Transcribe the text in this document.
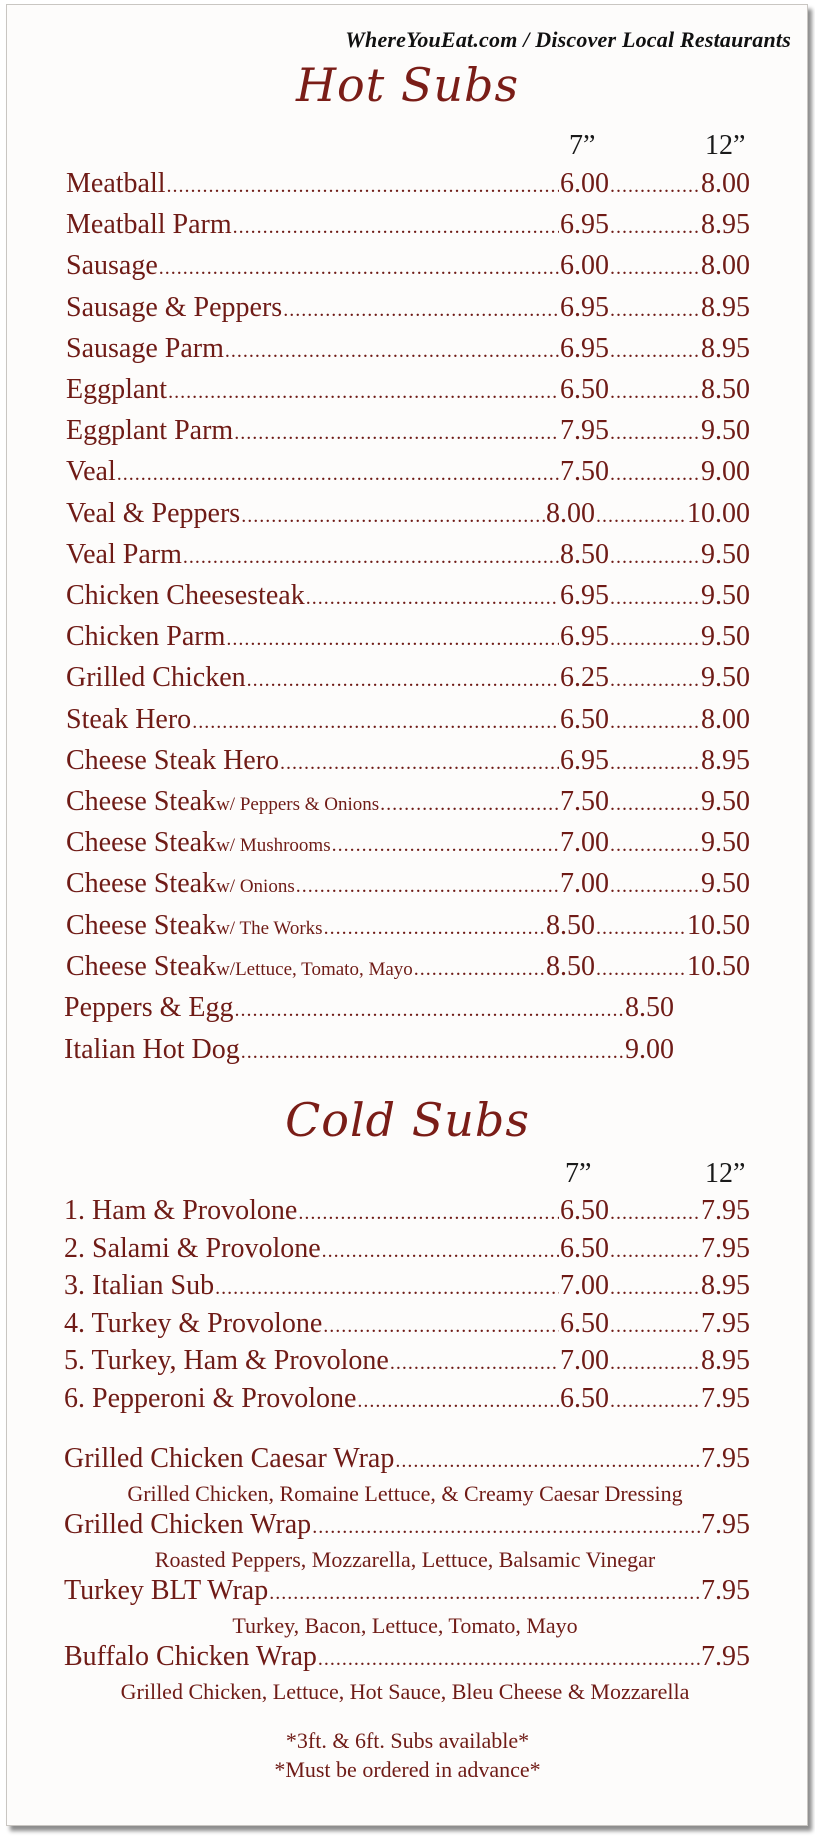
WhereYouEat.com / Discover Local Restaurants
Hot Subs
7”	12”
Meatball .....	6.00 .....	8.00
Meatball Parm .....	6.95 .....	8.95
Sausage .....	6.00 .....	8.00
Sausage & Peppers .....	6.95 .....	8.95
Sausage Parm .....	6.95 .....	8.95
Eggplant .....	6.50 .....	8.50
Eggplant Parm .....	7.95 .....	9.50
Veal .....	7.50 .....	9.00
Veal & Peppers .....	8.00 .....	10.00
Veal Parm .....	8.50 .....	9.50
Chicken Cheesesteak .....	6.95 .....	9.50
Chicken Parm .....	6.95 .....	9.50
Grilled Chicken .....	6.25 .....	9.50
Steak Hero .....	6.50 .....	8.00
Cheese Steak Hero .....	6.95 .....	8.95
Cheese Steak w/ Peppers & Onions .....	7.50 .....	9.50
Cheese Steak w/ Mushrooms .....	7.00 .....	9.50
Cheese Steak w/ Onions .....	7.00 .....	9.50
Cheese Steak w/ The Works .....	8.50 .....	10.50
Cheese Steak w/Lettuce, Tomato, Mayo .....	8.50 .....	10.50
Peppers & Egg .....	8.50
Italian Hot Dog .....	9.00
Cold Subs
7”	12”
1. Ham & Provolone .....	6.50 .....	7.95
2. Salami & Provolone .....	6.50 .....	7.95
3. Italian Sub .....	7.00 .....	8.95
4. Turkey & Provolone .....	6.50 .....	7.95
5. Turkey, Ham & Provolone .....	7.00 .....	8.95
6. Pepperoni & Provolone .....	6.50 .....	7.95
Grilled Chicken Caesar Wrap .....	7.95
Grilled Chicken, Romaine Lettuce, & Creamy Caesar Dressing
Grilled Chicken Wrap .....	7.95
Roasted Peppers, Mozzarella, Lettuce, Balsamic Vinegar
Turkey BLT Wrap .....	7.95
Turkey, Bacon, Lettuce, Tomato, Mayo
Buffalo Chicken Wrap .....	7.95
Grilled Chicken, Lettuce, Hot Sauce, Bleu Cheese & Mozzarella
*3ft. & 6ft. Subs available*
*Must be ordered in advance*
